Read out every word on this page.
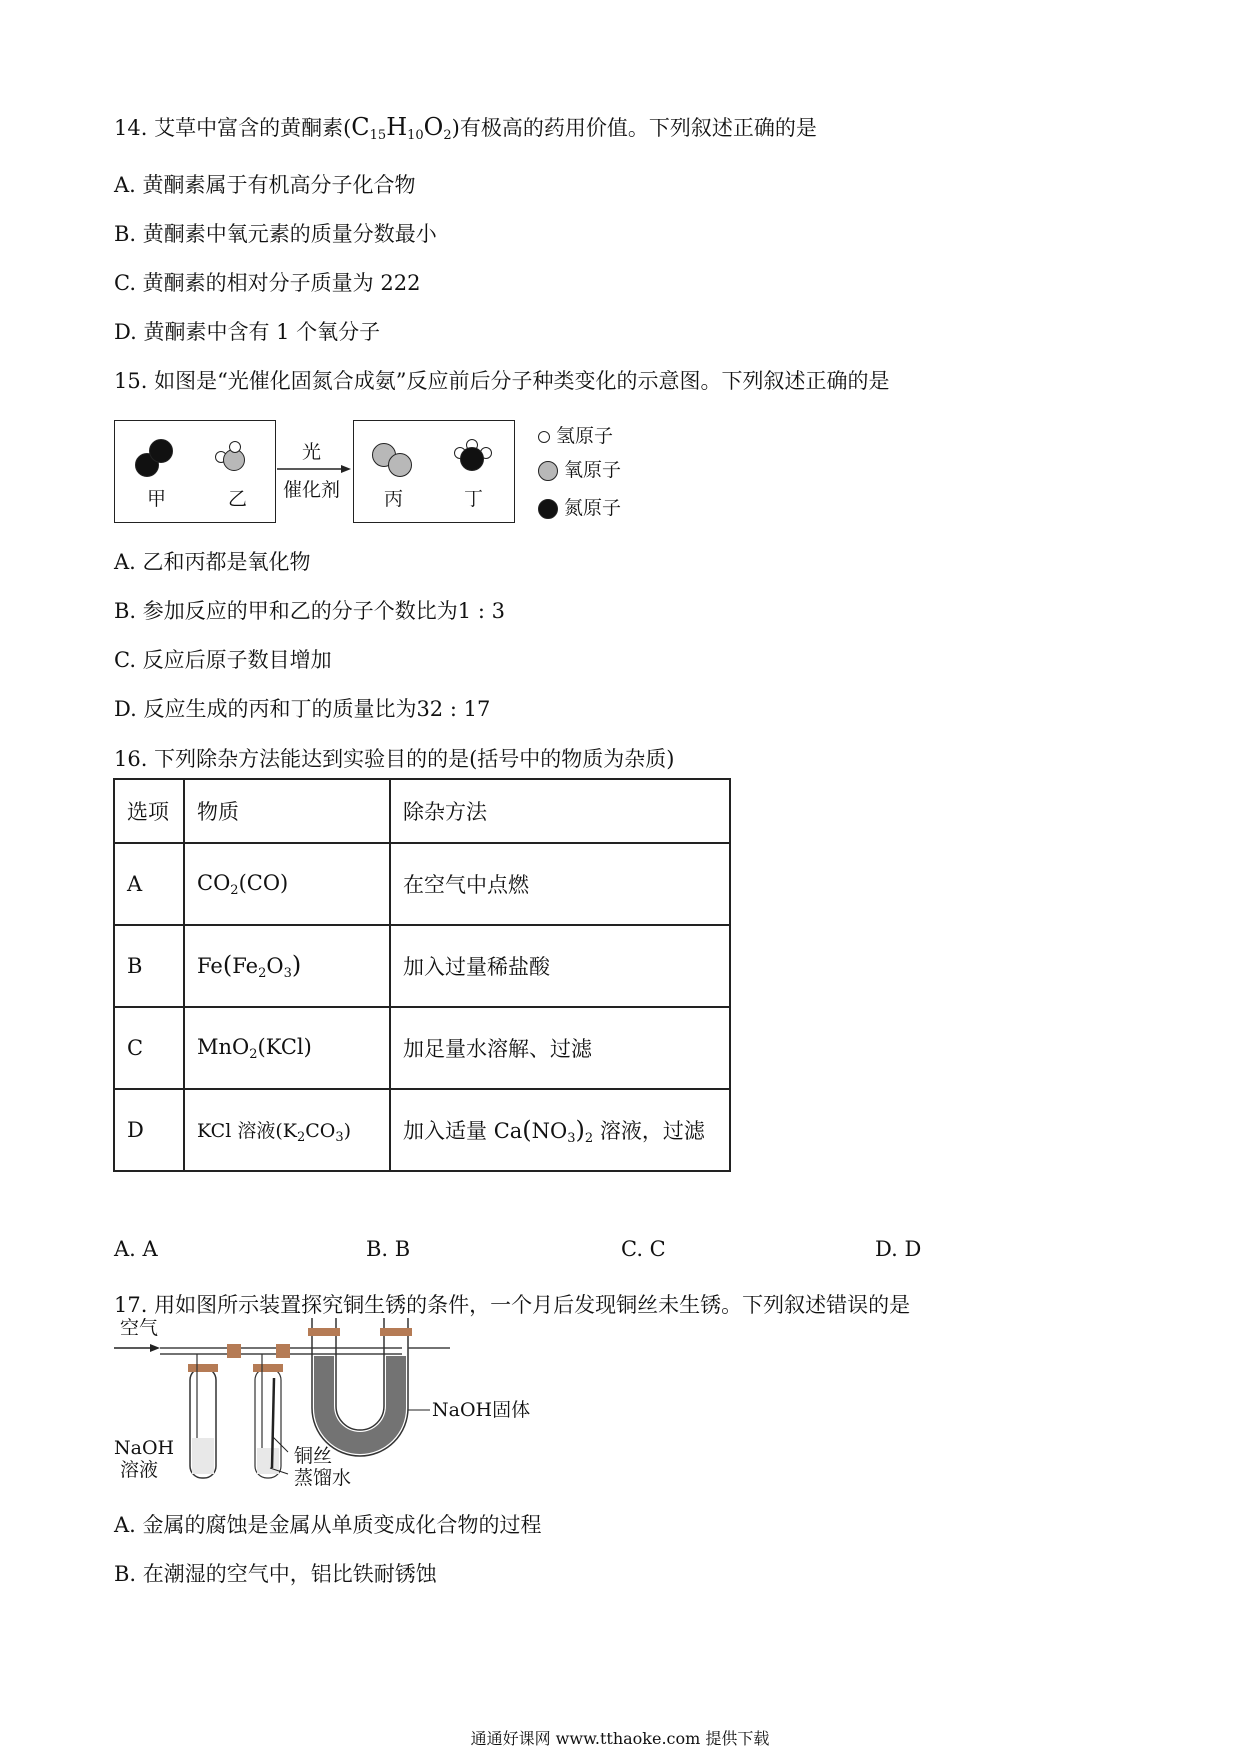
14. 艾草中富含的黄酮素$(C_{15}H_{10}O_2)$有极高的药用价值。下列叙述正确的是
A. 黄酮素属于有机高分子化合物
B. 黄酮素中氧元素的质量分数最小
C. 黄酮素的相对分子质量为 222
D. 黄酮素中含有 1 个氧分子
15. 如图是“光催化固氮合成氨”反应前后分子种类变化的示意图。下列叙述正确的是
甲	乙
光
催化剂 丙	丁
氢原子
氧原子
氮原子
A. 乙和丙都是氧化物
B. 参加反应的甲和乙的分子个数比为1 : 3
C. 反应后原子数目增加
D. 反应生成的丙和丁的质量比为32 : 17
16. 下列除杂方法能达到实验目的的是(括号中的物质为杂质)
选项	物质	除杂方法
A	$CO_2(CO)$	在空气中点燃
B	$Fe(Fe_2O_3)$	加入过量稀盐酸
C	MnO$_2$(KCl)	加足量水溶解、过滤
D	KCl 溶液$(K_2CO_3)$	加入适量 $Ca(NO_3)_2$ 溶液，过滤
A. A	B. B	C. C	D. D
17. 用如图所示装置探究铜生锈的条件，一个月后发现铜丝未生锈。下列叙述错误的是
空气
NaOH固体
NaOH
溶液
铜丝
蒸馏水
A. 金属的腐蚀是金属从单质变成化合物的过程
B. 在潮湿的空气中，铝比铁耐锈蚀
通通好课网 www.tthaoke.com 提供下载
